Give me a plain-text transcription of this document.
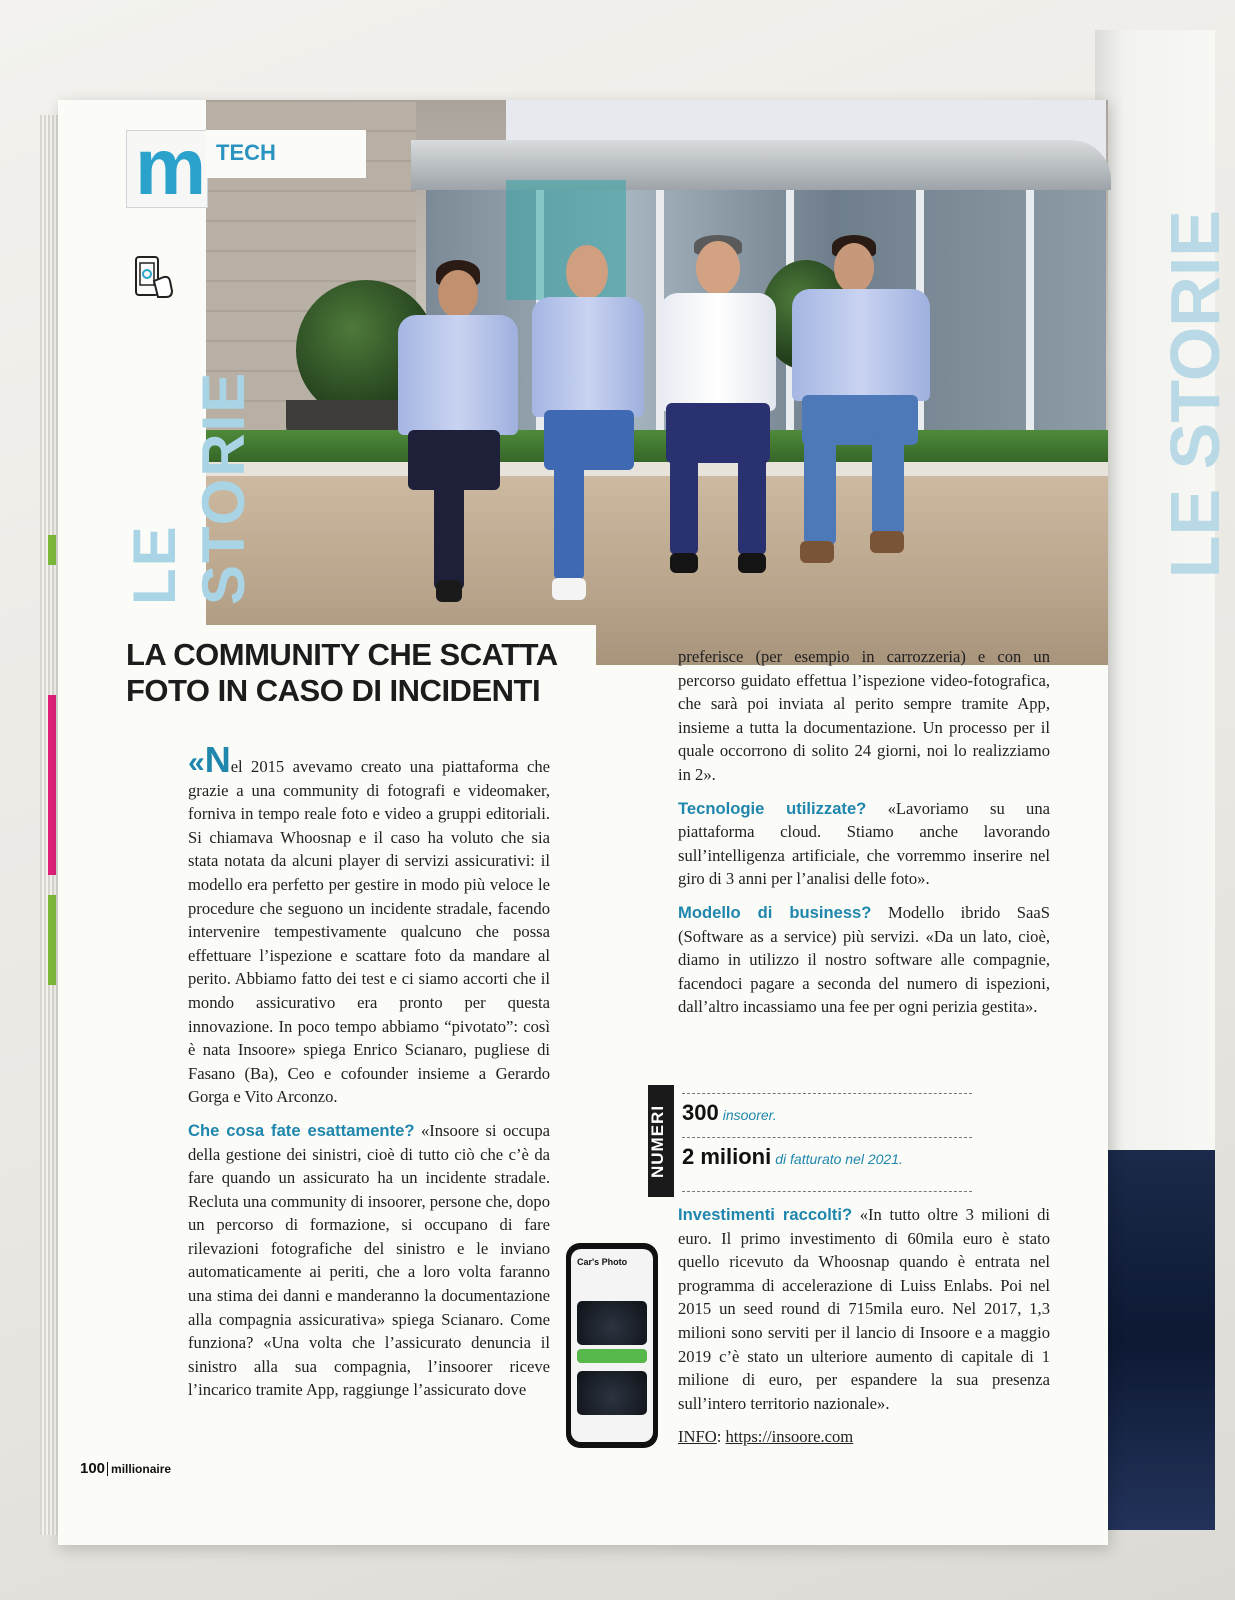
LE STORIE
m TECH
LE STORIE
LA COMMUNITY CHE SCATTA FOTO IN CASO DI INCIDENTI

«Nel 2015 avevamo creato una piattaforma che grazie a una community di fotografi e videomaker, forniva in tempo reale foto e video a gruppi editoriali. Si chiamava Whoosnap e il caso ha voluto che sia stata notata da alcuni player di servizi assicurativi: il modello era perfetto per gestire in modo più veloce le procedure che seguono un incidente stradale, facendo intervenire tempestivamente qualcuno che possa effettuare l’ispezione e scattare foto da mandare al perito. Abbiamo fatto dei test e ci siamo accorti che il mondo assicurativo era pronto per questa innovazione. In poco tempo abbiamo “pivotato”: così è nata Insoore» spiega Enrico Scianaro, pugliese di Fasano (Ba), Ceo e cofounder insieme a Gerardo Gorga e Vito Arconzo.

Che cosa fate esattamente? «Insoore si occupa della gestione dei sinistri, cioè di tutto ciò che c’è da fare quando un assicurato ha un incidente stradale. Recluta una community di insoorer, persone che, dopo un percorso di formazione, si occupano di fare rilevazioni fotografiche del sinistro e le inviano automaticamente ai periti, che a loro volta faranno una stima dei danni e manderanno la documentazione alla compagnia assicurativa» spiega Scianaro. Come funziona? «Una volta che l’assicurato denuncia il sinistro alla sua compagnia, l’insoorer riceve l’incarico tramite App, raggiunge l’assicurato dove

preferisce (per esempio in carrozzeria) e con un percorso guidato effettua l’ispezione video-fotografica, che sarà poi inviata al perito sempre tramite App, insieme a tutta la documentazione. Un processo per il quale occorrono di solito 24 giorni, noi lo realizziamo in 2».

Tecnologie utilizzate? «Lavoriamo su una piattaforma cloud. Stiamo anche lavorando sull’intelligenza artificiale, che vorremmo inserire nel giro di 3 anni per l’analisi delle foto».

Modello di business? Modello ibrido SaaS (Software as a service) più servizi. «Da un lato, cioè, diamo in utilizzo il nostro software alle compagnie, facendoci pagare a seconda del numero di ispezioni, dall’altro incassiamo una fee per ogni perizia gestita».

NUMERI 300 insoorer.
2 milioni di fatturato nel 2021.

Investimenti raccolti? «In tutto oltre 3 milioni di euro. Il primo investimento di 60mila euro è stato quello ricevuto da Whoosnap quando è entrata nel programma di accelerazione di Luiss Enlabs. Poi nel 2015 un seed round di 715mila euro. Nel 2017, 1,3 milioni sono serviti per il lancio di Insoore e a maggio 2019 c’è stato un ulteriore aumento di capitale di 1 milione di euro, per espandere la sua presenza sull’intero territorio nazionale».

INFO: https://insoore.com
Car's Photo
100 millionaire
